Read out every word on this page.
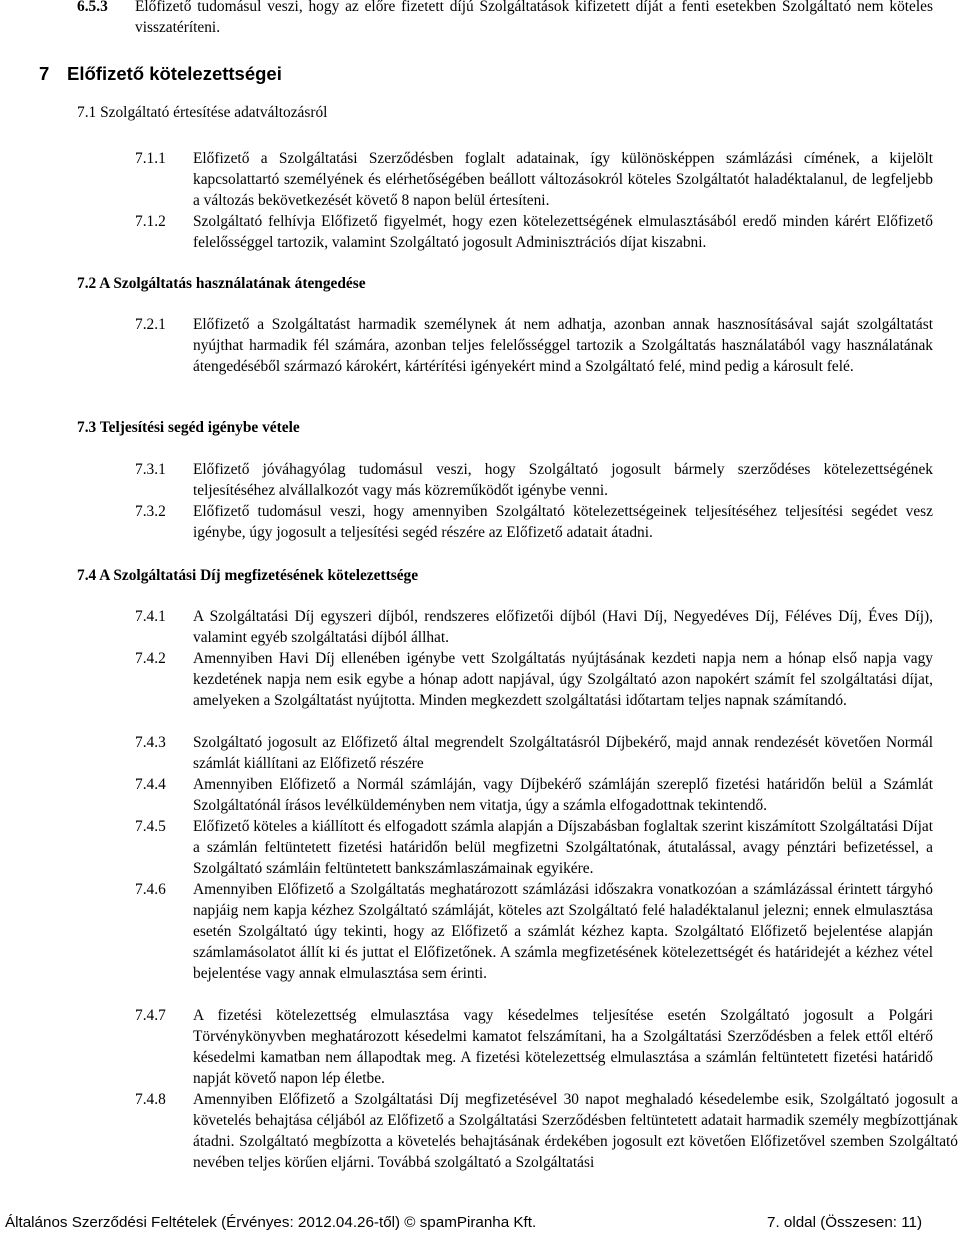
6.5.3 Előfizető tudomásul veszi, hogy az előre fizetett díjú Szolgáltatások kifizetett díját a fenti esetekben Szolgáltató nem köteles visszatéríteni.
7 Előfizető kötelezettségei
7.1 Szolgáltató értesítése adatváltozásról
7.1.1 Előfizető a Szolgáltatási Szerződésben foglalt adatainak, így különösképpen számlázási címének, a kijelölt kapcsolattartó személyének és elérhetőségében beállott változásokról köteles Szolgáltatót haladéktalanul, de legfeljebb a változás bekövetkezését követő 8 napon belül értesíteni.
7.1.2 Szolgáltató felhívja Előfizető figyelmét, hogy ezen kötelezettségének elmulasztásából eredő minden kárért Előfizető felelősséggel tartozik, valamint Szolgáltató jogosult Adminisztrációs díjat kiszabni.
7.2 A Szolgáltatás használatának átengedése
7.2.1 Előfizető a Szolgáltatást harmadik személynek át nem adhatja, azonban annak hasznosításával saját szolgáltatást nyújthat harmadik fél számára, azonban teljes felelősséggel tartozik a Szolgáltatás használatából vagy használatának átengedéséből származó károkért, kártérítési igényekért mind a Szolgáltató felé, mind pedig a károsult felé.
7.3 Teljesítési segéd igénybe vétele
7.3.1 Előfizető jóváhagyólag tudomásul veszi, hogy Szolgáltató jogosult bármely szerződéses kötelezettségének teljesítéséhez alvállalkozót vagy más közreműködőt igénybe venni.
7.3.2 Előfizető tudomásul veszi, hogy amennyiben Szolgáltató kötelezettségeinek teljesítéséhez teljesítési segédet vesz igénybe, úgy jogosult a teljesítési segéd részére az Előfizető adatait átadni.
7.4 A Szolgáltatási Díj megfizetésének kötelezettsége
7.4.1 A Szolgáltatási Díj egyszeri díjból, rendszeres előfizetői díjból (Havi Díj, Negyedéves Díj, Féléves Díj, Éves Díj), valamint egyéb szolgáltatási díjból állhat.
7.4.2 Amennyiben Havi Díj ellenében igénybe vett Szolgáltatás nyújtásának kezdeti napja nem a hónap első napja vagy kezdetének napja nem esik egybe a hónap adott napjával, úgy Szolgáltató azon napokért számít fel szolgáltatási díjat, amelyeken a Szolgáltatást nyújtotta. Minden megkezdett szolgáltatási időtartam teljes napnak számítandó.
7.4.3 Szolgáltató jogosult az Előfizető által megrendelt Szolgáltatásról Díjbekérő, majd annak rendezését követően Normál számlát kiállítani az Előfizető részére
7.4.4 Amennyiben Előfizető a Normál számláján, vagy Díjbekérő számláján szereplő fizetési határidőn belül a Számlát Szolgáltatónál írásos levélküldeményben nem vitatja, úgy a számla elfogadottnak tekintendő.
7.4.5 Előfizető köteles a kiállított és elfogadott számla alapján a Díjszabásban foglaltak szerint kiszámított Szolgáltatási Díjat a számlán feltüntetett fizetési határidőn belül megfizetni Szolgáltatónak, átutalással, avagy pénztári befizetéssel, a Szolgáltató számláin feltüntetett bankszámlaszámainak egyikére.
7.4.6 Amennyiben Előfizető a Szolgáltatás meghatározott számlázási időszakra vonatkozóan a számlázással érintett tárgyhó napjáig nem kapja kézhez Szolgáltató számláját, köteles azt Szolgáltató felé haladéktalanul jelezni; ennek elmulasztása esetén Szolgáltató úgy tekinti, hogy az Előfizető a számlát kézhez kapta. Szolgáltató Előfizető bejelentése alapján számlamásolatot állít ki és juttat el Előfizetőnek. A számla megfizetésének kötelezettségét és határidejét a kézhez vétel bejelentése vagy annak elmulasztása sem érinti.
7.4.7 A fizetési kötelezettség elmulasztása vagy késedelmes teljesítése esetén Szolgáltató jogosult a Polgári Törvénykönyvben meghatározott késedelmi kamatot felszámítani, ha a Szolgáltatási Szerződésben a felek ettől eltérő késedelmi kamatban nem állapodtak meg. A fizetési kötelezettség elmulasztása a számlán feltüntetett fizetési határidő napját követő napon lép életbe.
7.4.8 Amennyiben Előfizető a Szolgáltatási Díj megfizetésével 30 napot meghaladó késedelembe esik, Szolgáltató jogosult a követelés behajtása céljából az Előfizető a Szolgáltatási Szerződésben feltüntetett adatait harmadik személy megbízottjának átadni. Szolgáltató megbízotta a követelés behajtásának érdekében jogosult ezt követően Előfizetővel szemben Szolgáltató nevében teljes körűen eljárni. Továbbá szolgáltató a Szolgáltatási
Általános Szerződési Feltételek (Érvényes: 2012.04.26-től) © spamPiranha Kft.	7. oldal (Összesen: 11)
